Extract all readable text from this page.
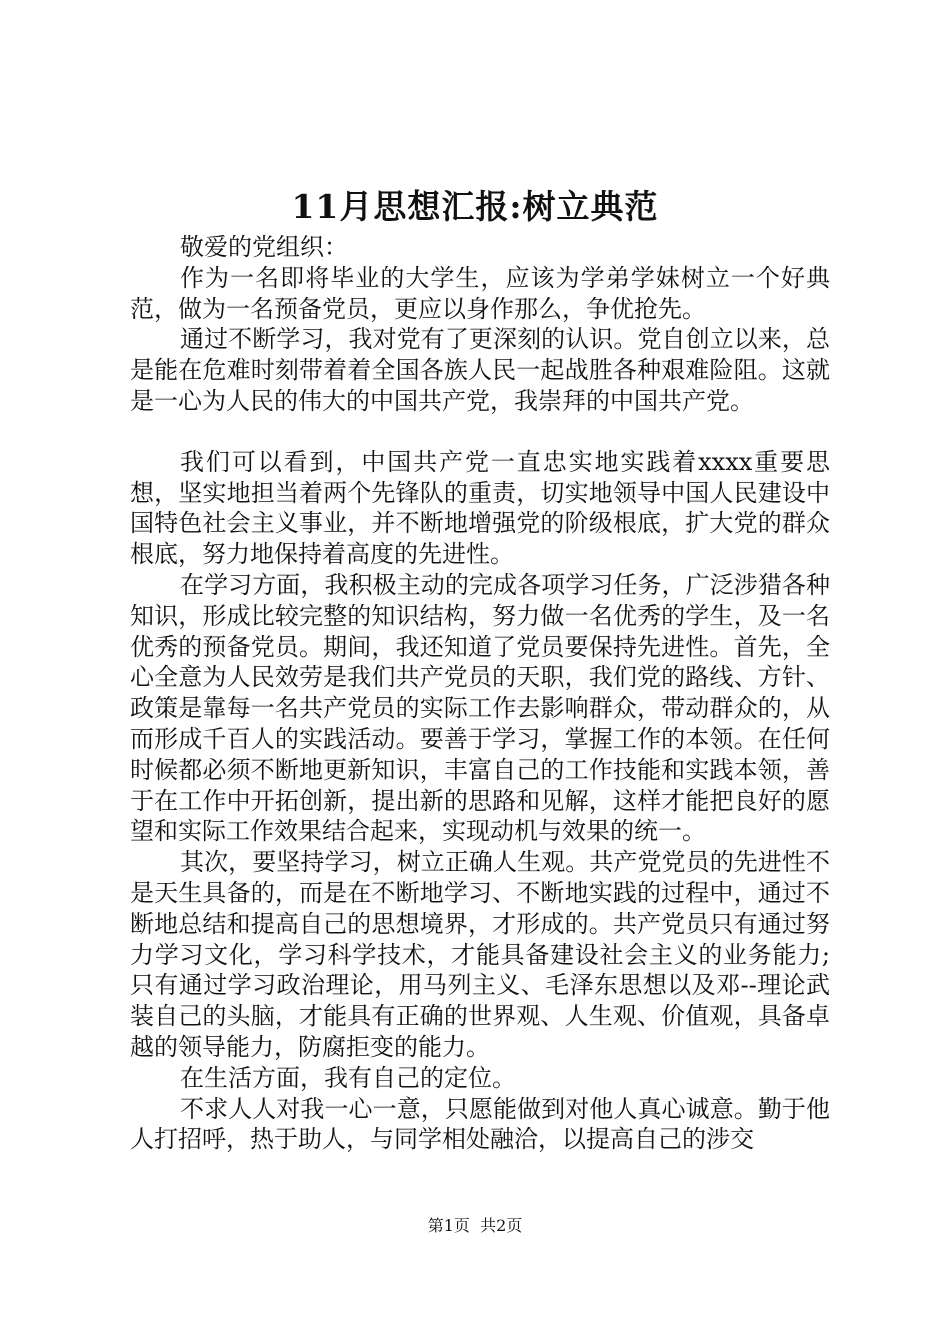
11月思想汇报:树立典范

敬爱的党组织：

作为一名即将毕业的大学生，应该为学弟学妹树立一个好典范，做为一名预备党员，更应以身作那么，争优抢先。

通过不断学习，我对党有了更深刻的认识。党自创立以来，总是能在危难时刻带着着全国各族人民一起战胜各种艰难险阻。这就是一心为人民的伟大的中国共产党，我崇拜的中国共产党。

我们可以看到，中国共产党一直忠实地实践着xxxx重要思想，坚实地担当着两个先锋队的重责，切实地领导中国人民建设中国特色社会主义事业，并不断地增强党的阶级根底，扩大党的群众根底，努力地保持着高度的先进性。

在学习方面，我积极主动的完成各项学习任务，广泛涉猎各种知识，形成比较完整的知识结构，努力做一名优秀的学生，及一名优秀的预备党员。期间，我还知道了党员要保持先进性。首先，全心全意为人民效劳是我们共产党员的天职，我们党的路线、方针、政策是靠每一名共产党员的实际工作去影响群众，带动群众的，从而形成千百人的实践活动。要善于学习，掌握工作的本领。在任何时候都必须不断地更新知识，丰富自己的工作技能和实践本领，善于在工作中开拓创新，提出新的思路和见解，这样才能把良好的愿望和实际工作效果结合起来，实现动机与效果的统一。

其次，要坚持学习，树立正确人生观。共产党党员的先进性不是天生具备的，而是在不断地学习、不断地实践的过程中，通过不断地总结和提高自己的思想境界，才形成的。共产党员只有通过努力学习文化，学习科学技术，才能具备建设社会主义的业务能力;只有通过学习政治理论，用马列主义、毛泽东思想以及邓--理论武装自己的头脑，才能具有正确的世界观、人生观、价值观，具备卓越的领导能力，防腐拒变的能力。

在生活方面，我有自己的定位。

不求人人对我一心一意，只愿能做到对他人真心诚意。勤于他人打招呼，热于助人，与同学相处融洽，以提高自己的涉交

第1页 共2页
